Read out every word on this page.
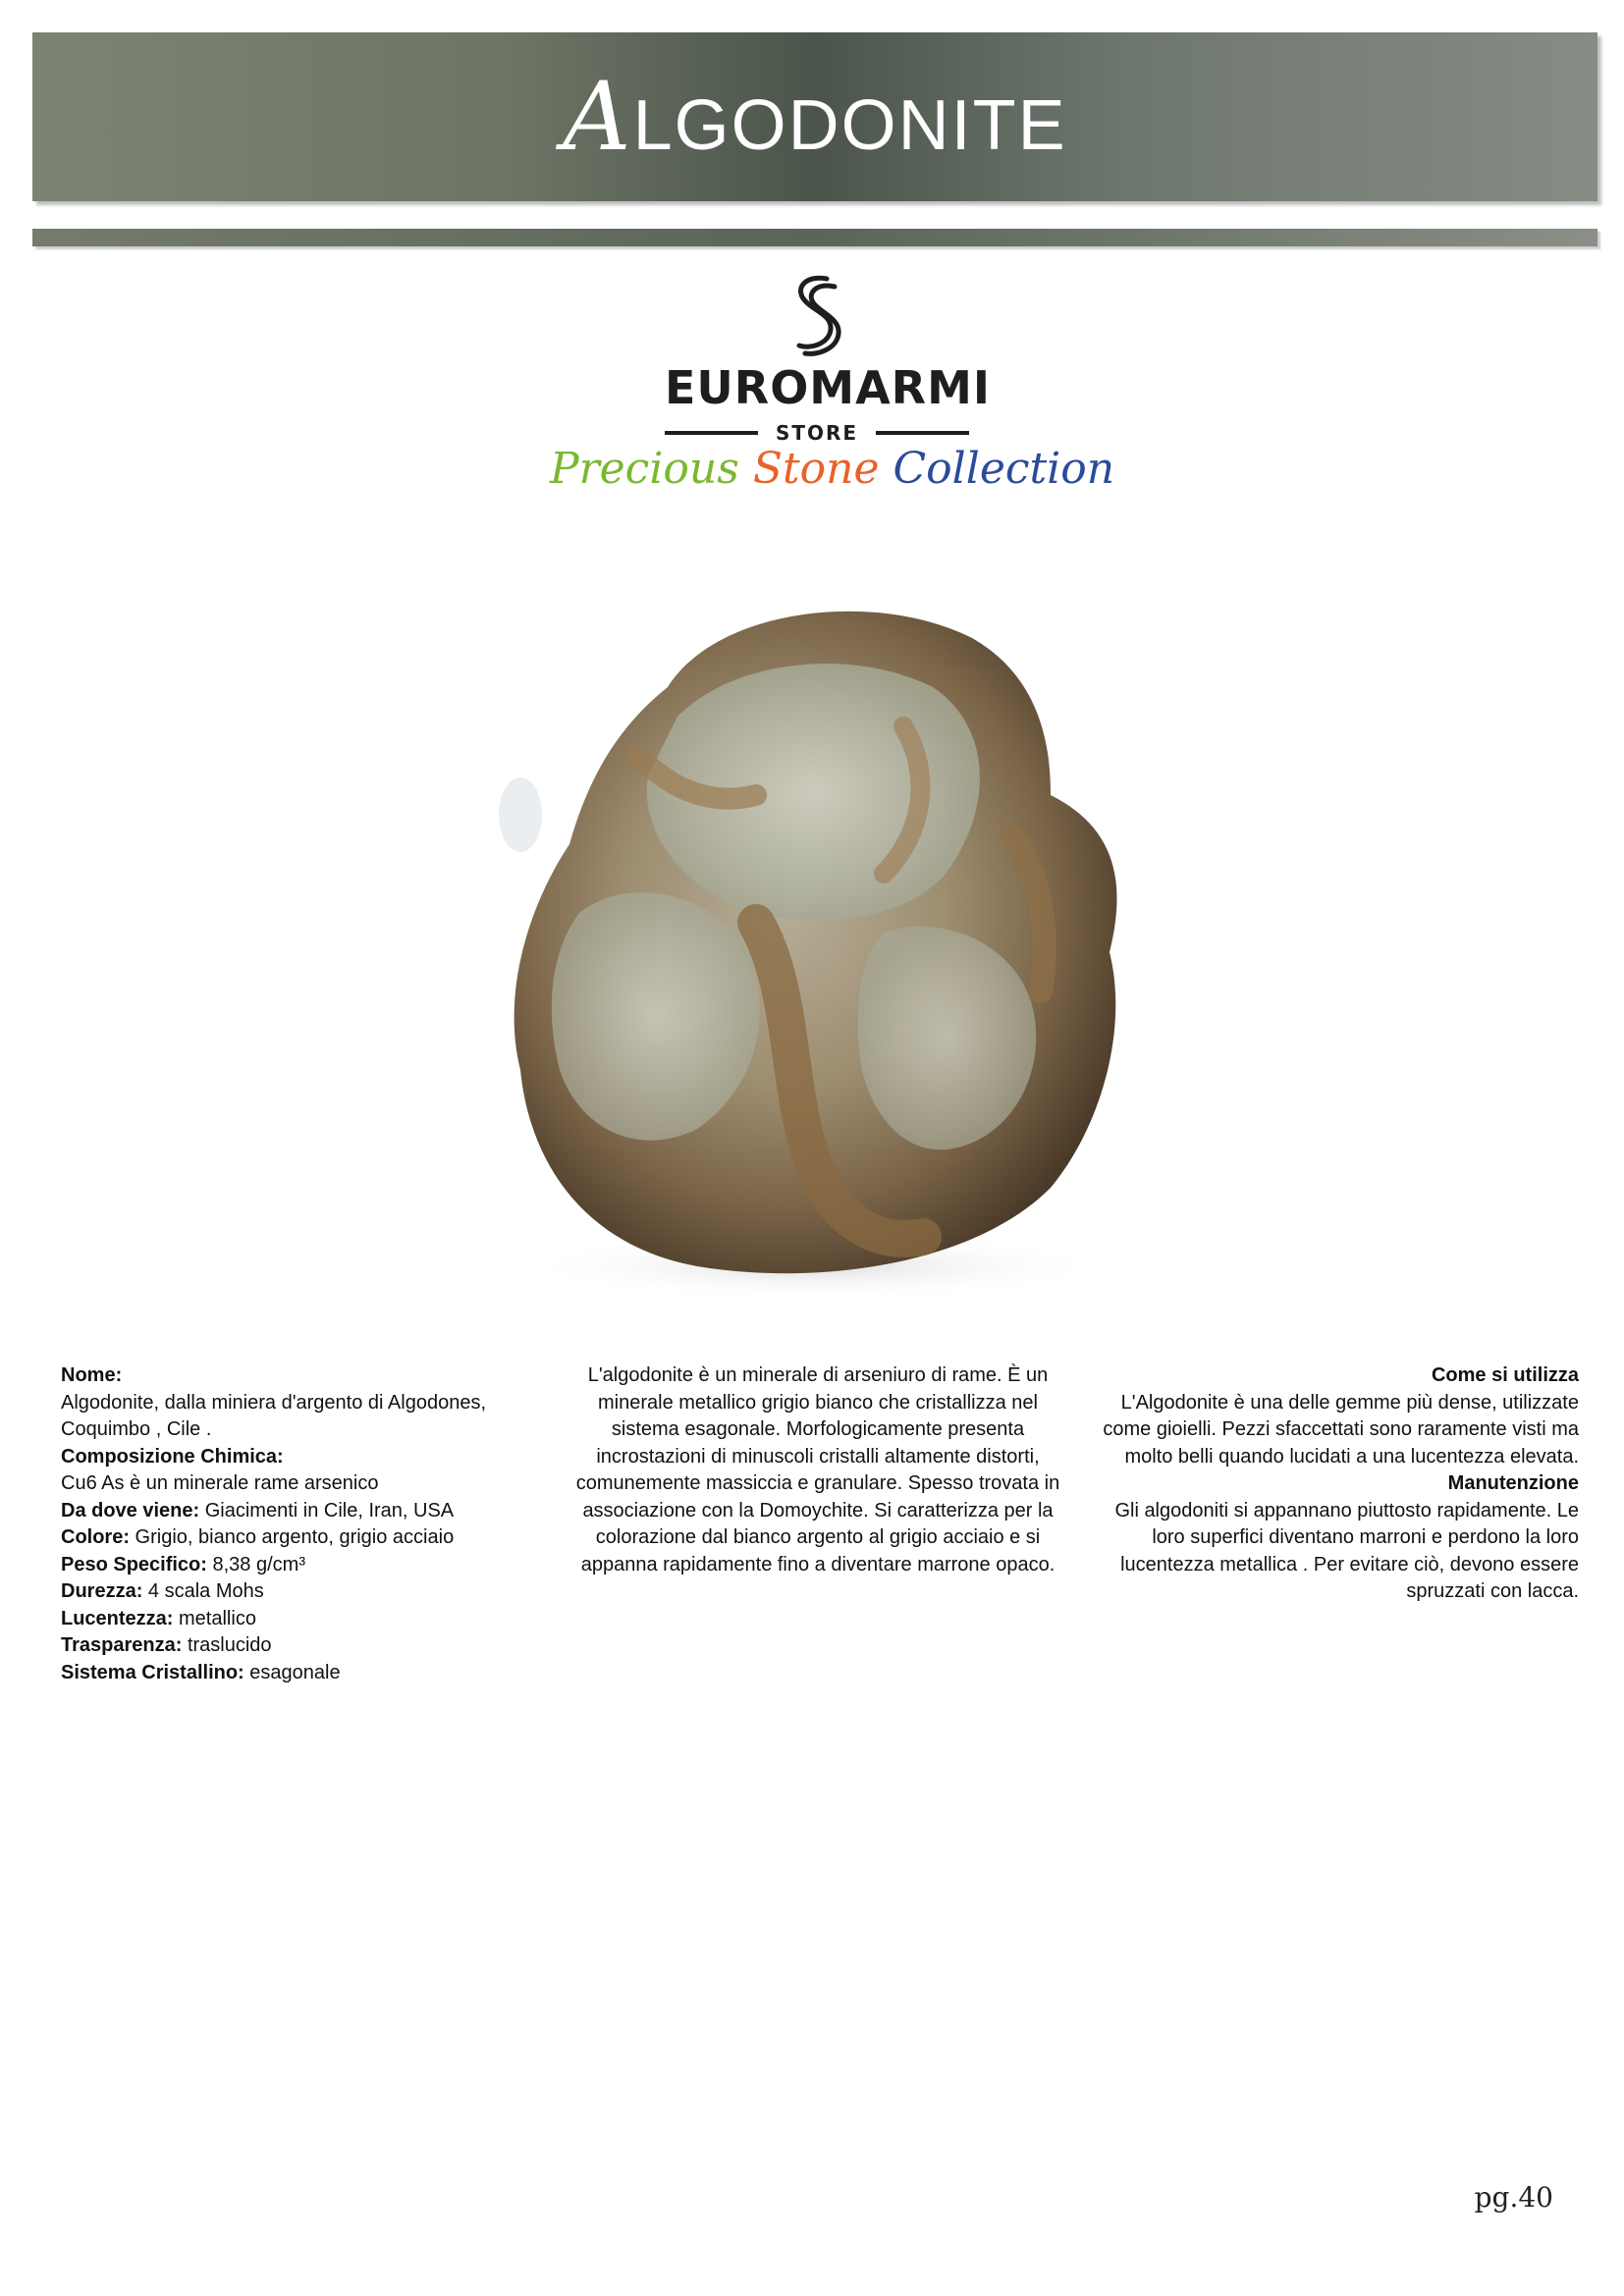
ALGODONITE
EUROMARMI
STORE
Precious Stone Collection

Nome:

Algodonite, dalla miniera d'argento di Algodones, Coquimbo , Cile .

Composizione Chimica:

Cu6 As è un minerale rame arsenico

Da dove viene: Giacimenti in Cile, Iran, USA

Colore: Grigio, bianco argento, grigio acciaio

Peso Specifico: 8,38 g/cm³

Durezza: 4 scala Mohs

Lucentezza: metallico

Trasparenza: traslucido

Sistema Cristallino: esagonale

L'algodonite è un minerale di arseniuro di rame. È un minerale metallico grigio bianco che cristallizza nel sistema esagonale. Morfologicamente presenta incrostazioni di minuscoli cristalli altamente distorti, comunemente massiccia e granulare. Spesso trovata in associazione con la Domoychite. Si caratterizza per la colorazione dal bianco argento al grigio acciaio e si appanna rapidamente fino a diventare marrone opaco.

Come si utilizza

L'Algodonite è una delle gemme più dense, utilizzate come gioielli. Pezzi sfaccettati sono raramente visti ma molto belli quando lucidati a una lucentezza elevata.

Manutenzione

Gli algodoniti si appannano piuttosto rapidamente. Le loro superfici diventano marroni e perdono la loro lucentezza metallica . Per evitare ciò, devono essere spruzzati con lacca.

pg.40
